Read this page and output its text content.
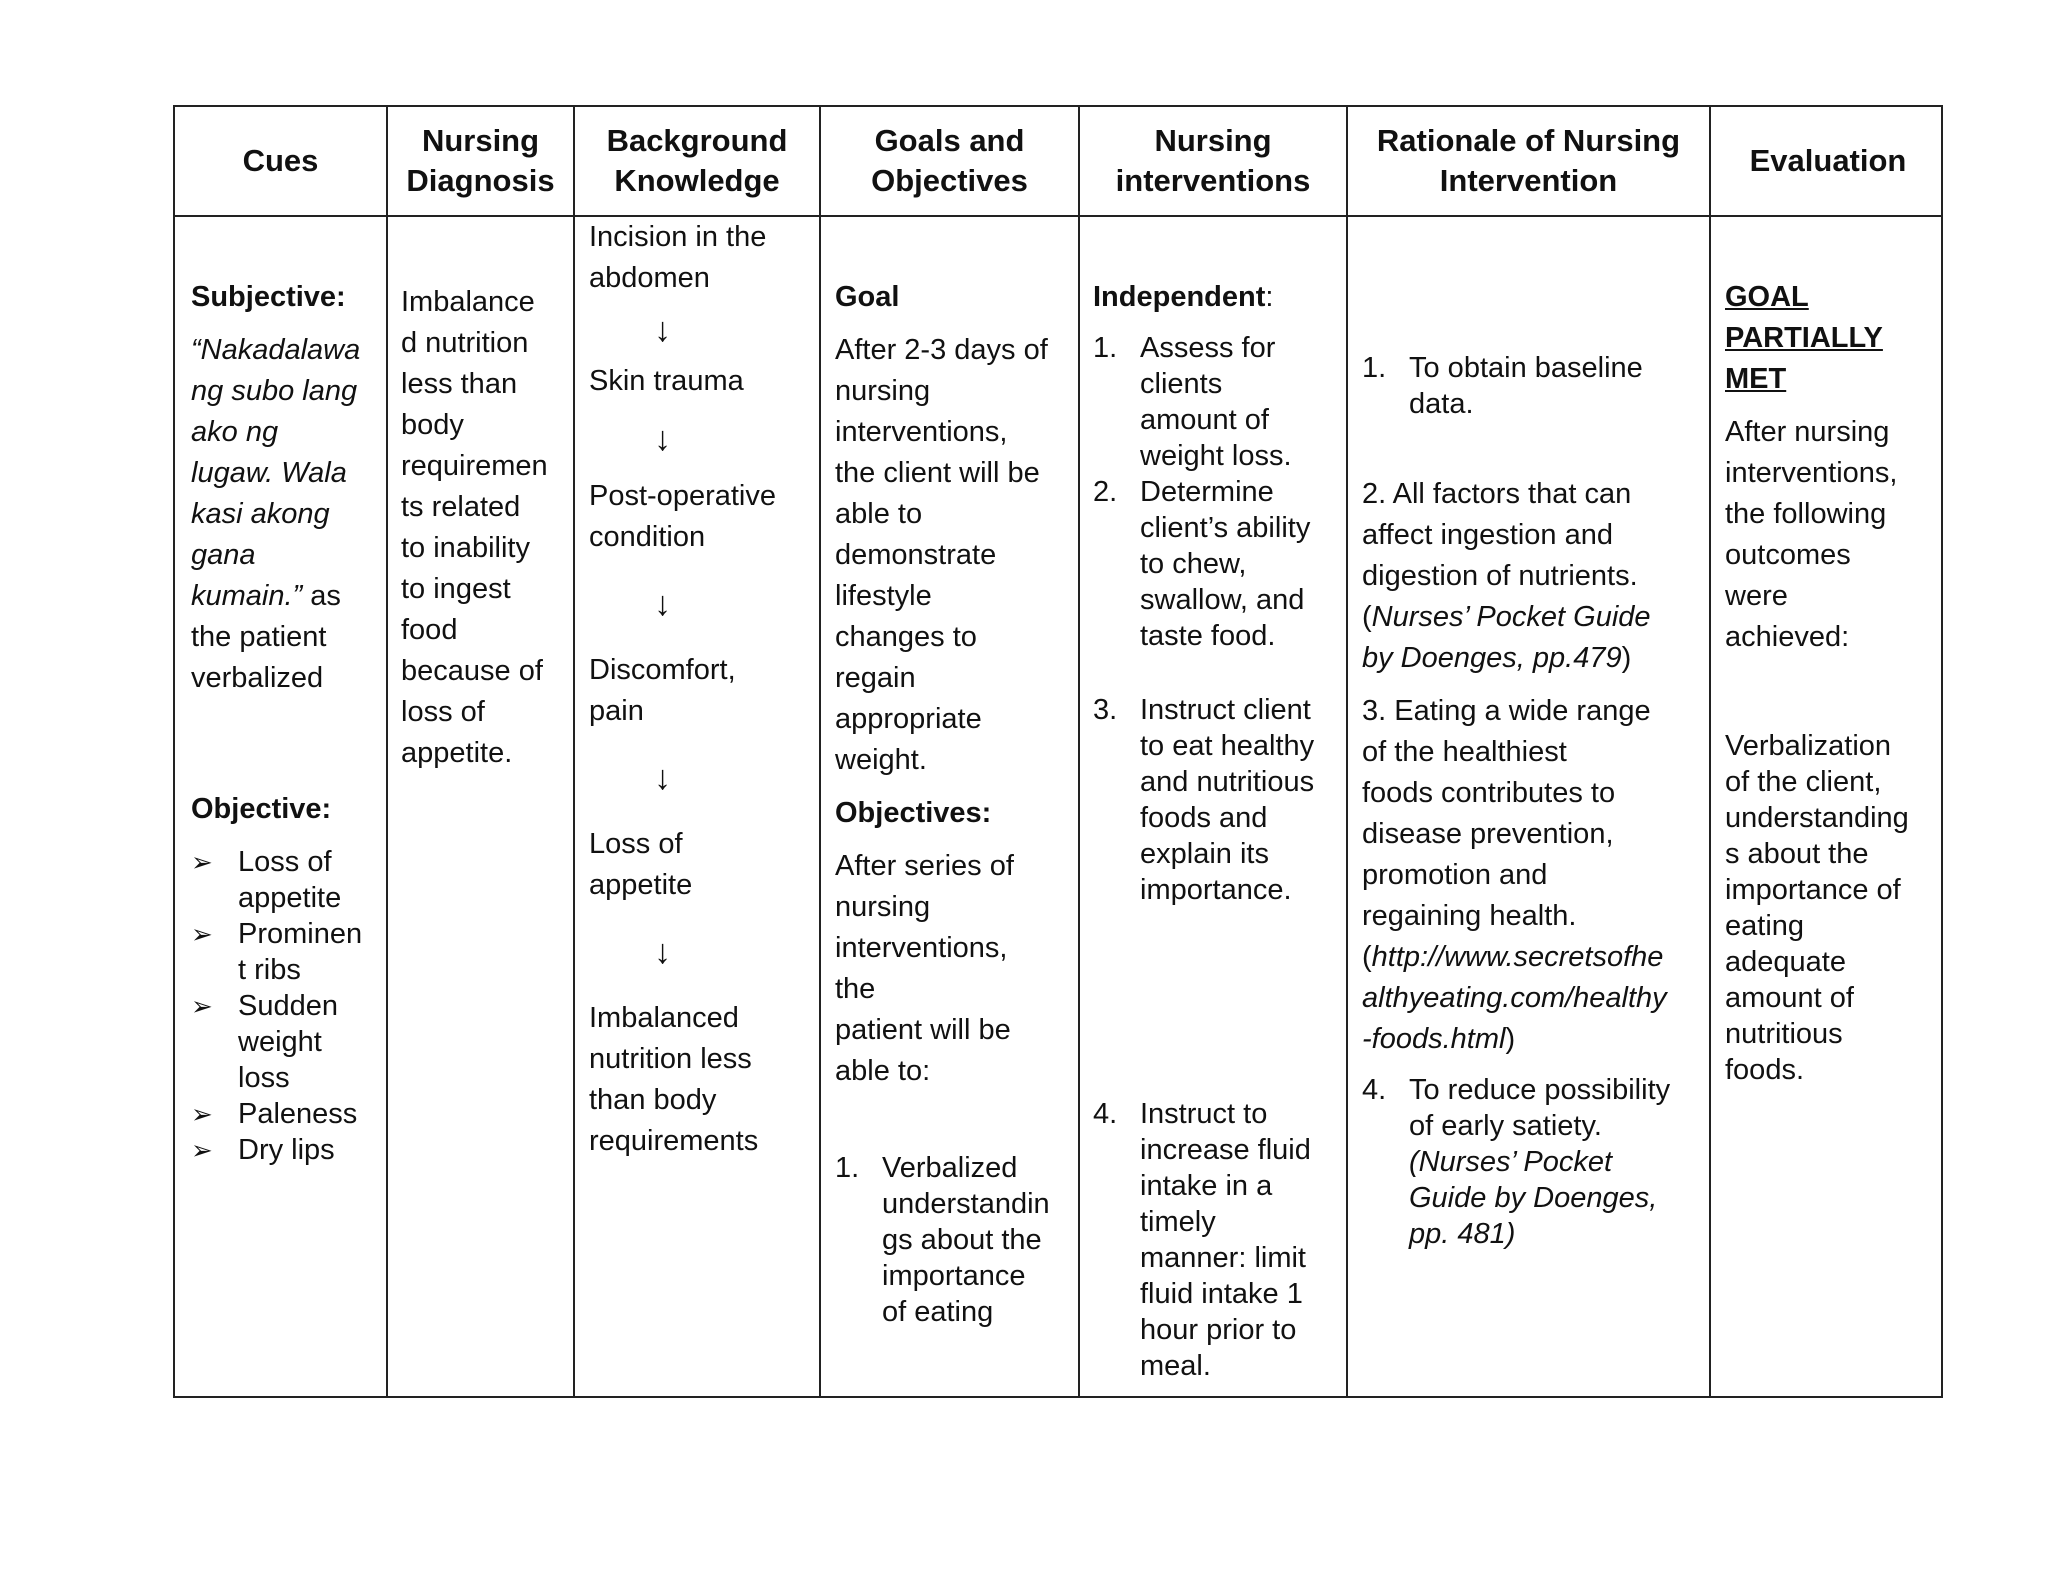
Cues
Nursing Diagnosis
Background Knowledge
Goals and Objectives
Nursing interventions
Rationale of Nursing Intervention
Evaluation
Subjective:
“Nakadalawa
ng subo lang
ako ng
lugaw. Wala
kasi akong
gana
kumain.” as
the patient
verbalized
Objective:
➢ Loss of
appetite
➢ Prominen
t ribs
➢ Sudden
weight
loss
➢ Paleness
➢ Dry lips
Imbalance
d nutrition
less than
body
requiremen
ts related
to inability
to ingest
food
because of
loss of
appetite.
Incision in the
abdomen
↓
Skin trauma
↓
Post-operative
condition
↓
Discomfort,
pain
↓
Loss of
appetite
↓
Imbalanced
nutrition less
than body
requirements
Goal
After 2-3 days of
nursing
interventions,
the client will be
able to
demonstrate
lifestyle
changes to
regain
appropriate
weight.
Objectives:
After series of
nursing
interventions,
the
patient will be
able to:
1. Verbalized
understandin
gs about the
importance
of eating
Independent:
1. Assess for
clients
amount of
weight loss.
2. Determine
client’s ability
to chew,
swallow, and
taste food.
3. Instruct client
to eat healthy
and nutritious
foods and
explain its
importance.
4. Instruct to
increase fluid
intake in a
timely
manner: limit
fluid intake 1
hour prior to
meal.
1. To obtain baseline
data.
2. All factors that can
affect ingestion and
digestion of nutrients.
(Nurses’ Pocket Guide
by Doenges, pp.479)
3. Eating a wide range
of the healthiest
foods contributes to
disease prevention,
promotion and
regaining health.
(http://www.secretsofhe
althyeating.com/healthy
-foods.html)
4. To reduce possibility
of early satiety.
(Nurses’ Pocket
Guide by Doenges,
pp. 481)
GOAL
PARTIALLY
MET
After nursing
interventions,
the following
outcomes
were
achieved:
Verbalization
of the client,
understanding
s about the
importance of
eating
adequate
amount of
nutritious
foods.
